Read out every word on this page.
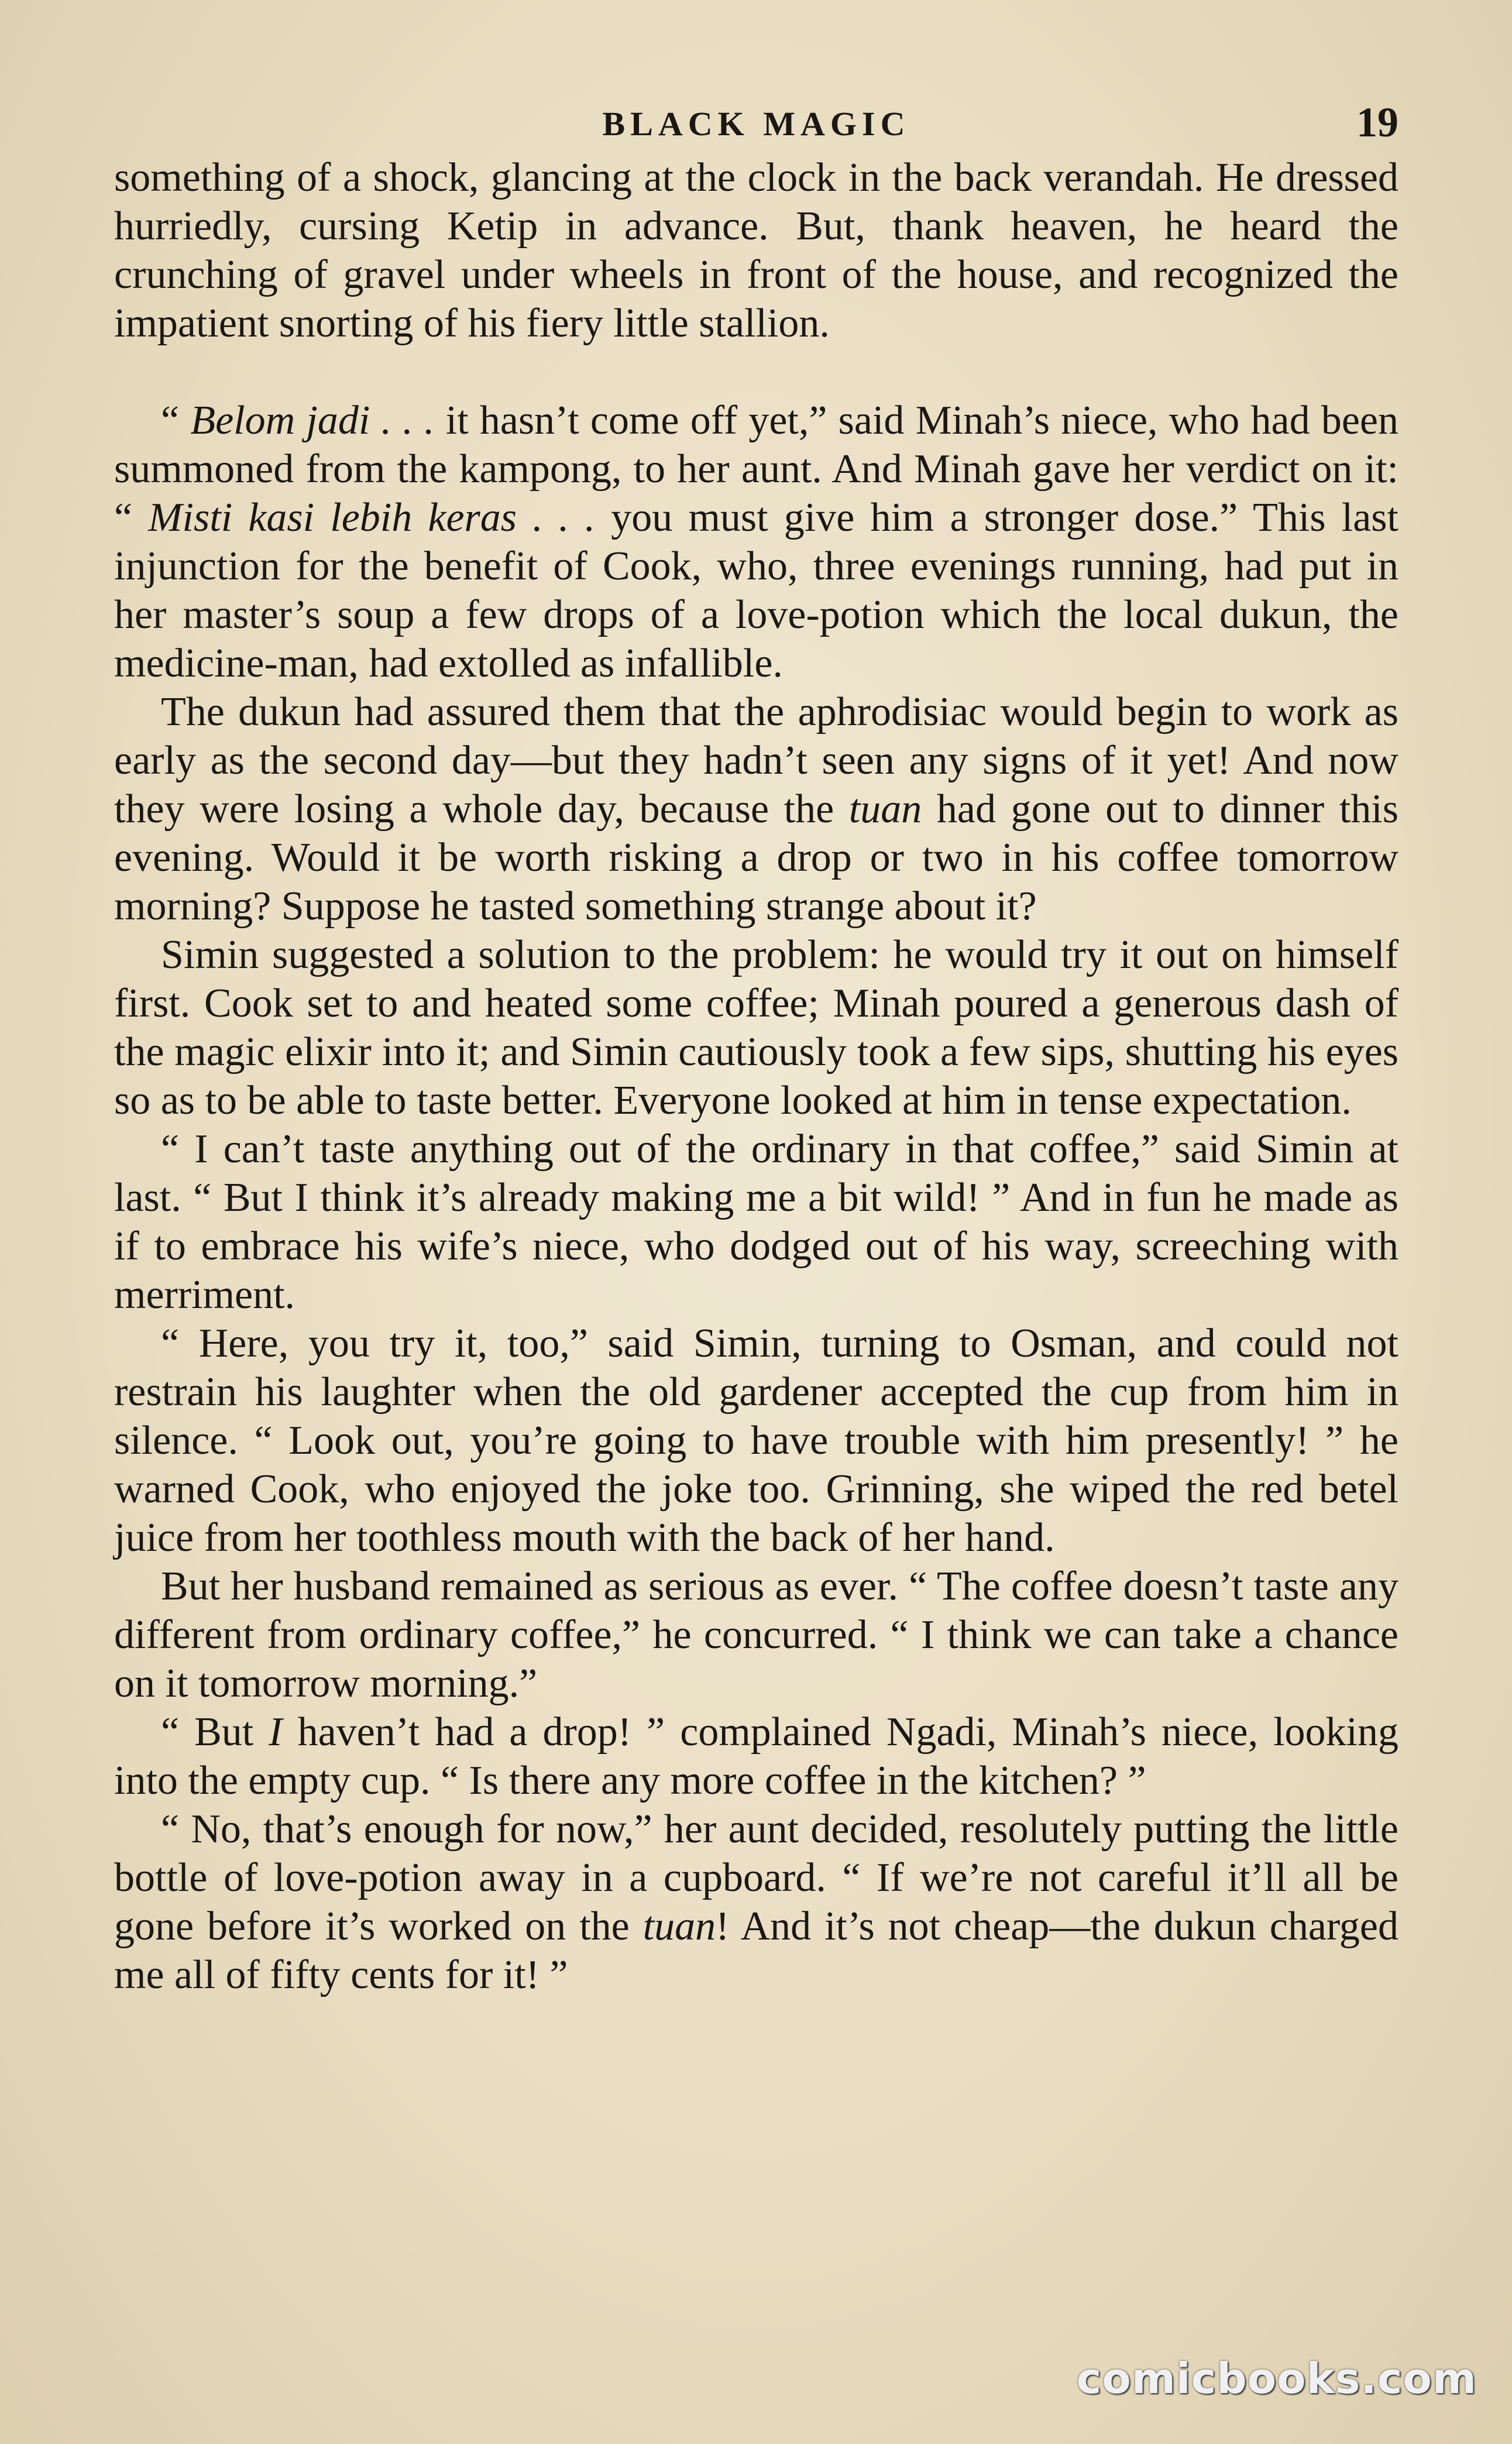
BLACK MAGIC	19

something of a shock, glancing at the clock in the back verandah. He dressed hurriedly, cursing Ketip in advance. But, thank heaven, he heard the crunching of gravel under wheels in front of the house, and recognized the impatient snorting of his fiery little stallion.

“ Belom jadi . . . it hasn’t come off yet,” said Minah’s niece, who had been summoned from the kampong, to her aunt. And Minah gave her verdict on it: “ Misti kasi lebih keras . . . you must give him a stronger dose.” This last injunction for the benefit of Cook, who, three evenings running, had put in her master’s soup a few drops of a love-potion which the local dukun, the medicine-man, had extolled as infallible.

The dukun had assured them that the aphrodisiac would begin to work as early as the second day—but they hadn’t seen any signs of it yet! And now they were losing a whole day, because the tuan had gone out to dinner this evening. Would it be worth risking a drop or two in his coffee tomorrow morning? Suppose he tasted something strange about it?

Simin suggested a solution to the problem: he would try it out on himself first. Cook set to and heated some coffee; Minah poured a generous dash of the magic elixir into it; and Simin cautiously took a few sips, shutting his eyes so as to be able to taste better. Everyone looked at him in tense expectation.

“ I can’t taste anything out of the ordinary in that coffee,” said Simin at last. “ But I think it’s already making me a bit wild! ” And in fun he made as if to embrace his wife’s niece, who dodged out of his way, screeching with merriment.

“ Here, you try it, too,” said Simin, turning to Osman, and could not restrain his laughter when the old gardener accepted the cup from him in silence. “ Look out, you’re going to have trouble with him presently! ” he warned Cook, who enjoyed the joke too. Grinning, she wiped the red betel juice from her toothless mouth with the back of her hand.

But her husband remained as serious as ever. “ The coffee doesn’t taste any different from ordinary coffee,” he concurred. “ I think we can take a chance on it tomorrow morning.”

“ But I haven’t had a drop! ” complained Ngadi, Minah’s niece, looking into the empty cup. “ Is there any more coffee in the kitchen? ”

“ No, that’s enough for now,” her aunt decided, resolutely putting the little bottle of love-potion away in a cupboard. “ If we’re not careful it’ll all be gone before it’s worked on the tuan! And it’s not cheap—the dukun charged me all of fifty cents for it! ”

comicbooks.com
